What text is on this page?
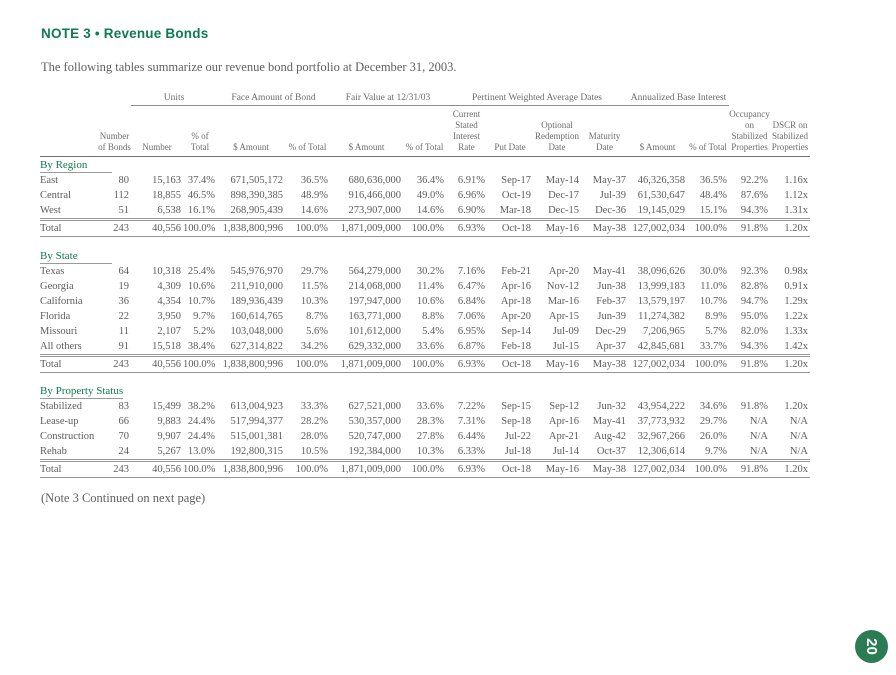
NOTE 3 • Revenue Bonds
The following tables summarize our revenue bond portfolio at December 31, 2003.
		Units		Face Amount of Bond		Fair Value at 12/31/03		Pertinent Weighted Average Dates				Annualized Base Interest			
	Number of Bonds	Number	% of Total	$ Amount	% of Total	$ Amount	% of Total	Current Stated Interest Rate	Put Date	Optional Redemption Date	Maturity Date	$ Amount	% of Total	Occupancy on Stabilized Properties	DSCR on Stabilized Properties
By Region															
East	80	15,163	37.4%	671,505,172	36.5%	680,636,000	36.4%	6.91%	Sep-17	May-14	May-37	46,326,358	36.5%	92.2%	1.16x
Central	112	18,855	46.5%	898,390,385	48.9%	916,466,000	49.0%	6.96%	Oct-19	Dec-17	Jul-39	61,530,647	48.4%	87.6%	1.12x
West	51	6,538	16.1%	268,905,439	14.6%	273,907,000	14.6%	6.90%	Mar-18	Dec-15	Dec-36	19,145,029	15.1%	94.3%	1.31x
Total	243	40,556	100.0%	1,838,800,996	100.0%	1,871,009,000	100.0%	6.93%	Oct-18	May-16	May-38	127,002,034	100.0%	91.8%	1.20x

By State															
Texas	64	10,318	25.4%	545,976,970	29.7%	564,279,000	30.2%	7.16%	Feb-21	Apr-20	May-41	38,096,626	30.0%	92.3%	0.98x
Georgia	19	4,309	10.6%	211,910,000	11.5%	214,068,000	11.4%	6.47%	Apr-16	Nov-12	Jun-38	13,999,183	11.0%	82.8%	0.91x
California	36	4,354	10.7%	189,936,439	10.3%	197,947,000	10.6%	6.84%	Apr-18	Mar-16	Feb-37	13,579,197	10.7%	94.7%	1.29x
Florida	22	3,950	9.7%	160,614,765	8.7%	163,771,000	8.8%	7.06%	Apr-20	Apr-15	Jun-39	11,274,382	8.9%	95.0%	1.22x
Missouri	11	2,107	5.2%	103,048,000	5.6%	101,612,000	5.4%	6.95%	Sep-14	Jul-09	Dec-29	7,206,965	5.7%	82.0%	1.33x
All others	91	15,518	38.4%	627,314,822	34.2%	629,332,000	33.6%	6.87%	Feb-18	Jul-15	Apr-37	42,845,681	33.7%	94.3%	1.42x
Total	243	40,556	100.0%	1,838,800,996	100.0%	1,871,009,000	100.0%	6.93%	Oct-18	May-16	May-38	127,002,034	100.0%	91.8%	1.20x

By Property Status															
Stabilized	83	15,499	38.2%	613,004,923	33.3%	627,521,000	33.6%	7.22%	Sep-15	Sep-12	Jun-32	43,954,222	34.6%	91.8%	1.20x
Lease-up	66	9,883	24.4%	517,994,377	28.2%	530,357,000	28.3%	7.31%	Sep-18	Apr-16	May-41	37,773,932	29.7%	N/A	N/A
Construction	70	9,907	24.4%	515,001,381	28.0%	520,747,000	27.8%	6.44%	Jul-22	Apr-21	Aug-42	32,967,266	26.0%	N/A	N/A
Rehab	24	5,267	13.0%	192,800,315	10.5%	192,384,000	10.3%	6.33%	Jul-18	Jul-14	Oct-37	12,306,614	9.7%	N/A	N/A
Total	243	40,556	100.0%	1,838,800,996	100.0%	1,871,009,000	100.0%	6.93%	Oct-18	May-16	May-38	127,002,034	100.0%	91.8%	1.20x

(Note 3 Continued on next page)
20
